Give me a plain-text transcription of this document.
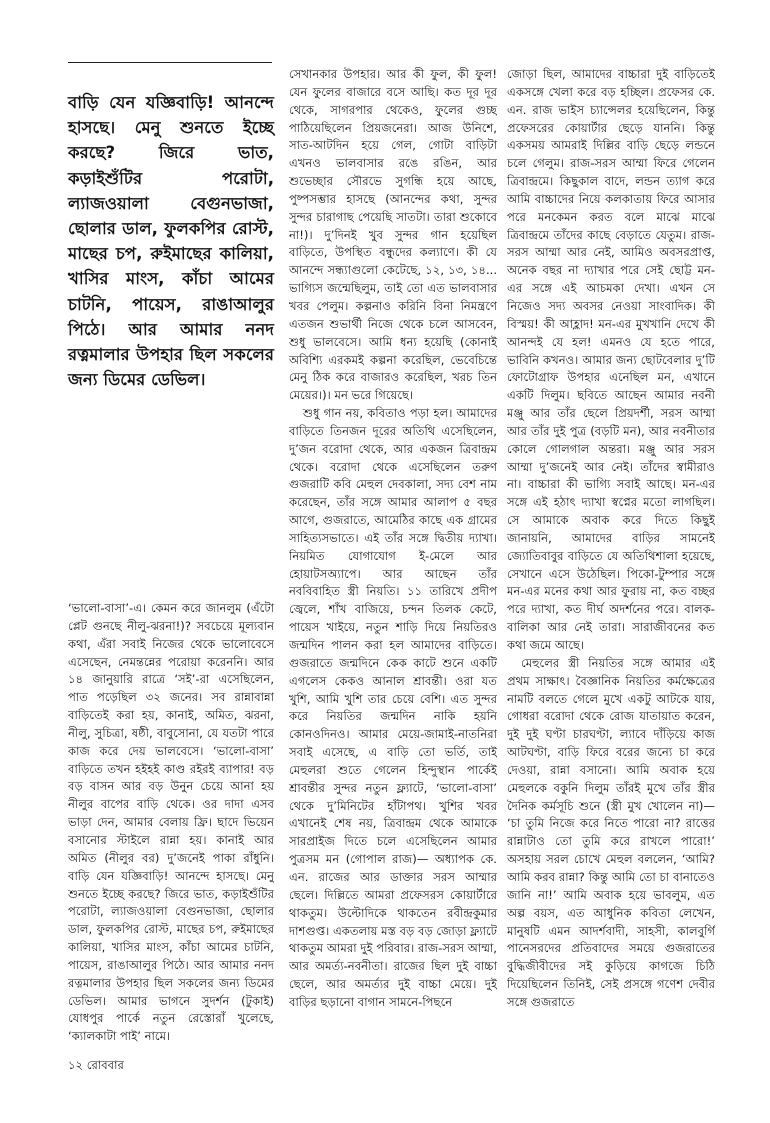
বাড়ি যেন যজ্ঞিবাড়ি! আনন্দে হাসছে। মেনু শুনতে ইচ্ছে করছে? জিরে ভাত, কড়াইশুঁটির পরোটা, ল্যাজওয়ালা বেগুনভাজা, ছোলার ডাল, ফুলকপির রোস্ট, মাছের চপ, রুইমাছের কালিয়া, খাসির মাংস, কাঁচা আমের চাটনি, পায়েস, রাঙাআলুর পিঠে। আর আমার ননদ রত্নমালার উপহার ছিল সকলের জন্য ডিমের ডেভিল।

‘ভালো-বাসা’-এ। কেমন করে জানলুম (এঁটো প্লেট গুনছে নীলু-ঝরনা!)? সবচেয়ে মূল্যবান কথা, এঁরা সবাই নিজের থেকে ভালোবেসে এসেছেন, নেমন্তন্নের পরোয়া করেননি। আর ১৪ জানুয়ারি রাত্রে ‘সই’-রা এসেছিলেন, পাত পড়েছিল ৩২ জনের। সব রান্নাবান্না বাড়িতেই করা হয়, কানাই, অমিত, ঝরনা, নীলু, সুচিত্রা, ষষ্ঠী, বাবুসোনা, যে যতটা পারে কাজ করে দেয় ভালবেসে। ‘ভালো-বাসা’ বাড়িতে তখন হইহই কাণ্ড রইরই ব্যাপার! বড় বড় বাসন আর বড় উনুন চেয়ে আনা হয় নীলুর বাপের বাড়ি থেকে। ওর দাদা এসব ভাড়া দেন, আমার বেলায় ফ্রি। ছাদে ভিয়েন বসানোর স্টাইলে রান্না হয়। কানাই আর অমিত (নীলুর বর) দু’জনেই পাকা রাঁধুনি। বাড়ি যেন যজ্ঞিবাড়ি! আনন্দে হাসছে। মেনু শুনতে ইচ্ছে করছে? জিরে ভাত, কড়াইশুঁটির পরোটা, ল্যাজওয়ালা বেগুনভাজা, ছোলার ডাল, ফুলকপির রোস্ট, মাছের চপ, রুইমাছের কালিয়া, খাসির মাংস, কাঁচা আমের চাটনি, পায়েস, রাঙাআলুর পিঠে। আর আমার ননদ রত্নমালার উপহার ছিল সকলের জন্য ডিমের ডেভিল। আমার ভাগনে সুদর্শন (টুকাই) যোধপুর পার্কে নতুন রেস্তোরাঁ খুলেছে, ‘ক্যালকাটা পাই’ নামে।

সেখানকার উপহার। আর কী ফুল, কী ফুল! যেন ফুলের বাজারে বসে আছি। কত দূর দূর থেকে, সাগরপার থেকেও, ফুলের গুচ্ছ পাঠিয়েছিলেন প্রিয়জনেরা। আজ উনিশে, সাত-আটদিন হয়ে গেল, গোটা বাড়িটা এখনও ভালবাসার রঙে রঙিন, আর শুভেচ্ছার সৌরভে সুগন্ধি হয়ে আছে, পুষ্পসম্ভার হাসছে (আনন্দের কথা, সুন্দর সুন্দর চারাগাছ পেয়েছি সাতটা। তারা শুকোবে না!)। দু’দিনই খুব সুন্দর গান হয়েছিল বাড়িতে, উপস্থিত বন্ধুদের কল্যাণে। কী যে আনন্দে সন্ধ্যাগুলো কেটেছে, ১২, ১৩, ১৪... ভাগ্যিস জন্মেছিলুম, তাই তো এত ভালবাসার খবর পেলুম। কল্পনাও করিনি বিনা নিমন্ত্রণে এতজন শুভার্থী নিজে থেকে চলে আসবেন, শুধু ভালবেসে। আমি ধন্য হয়েছি (কোনাই অবিশ্যি এরকমই কল্পনা করেছিল, ভেবেচিন্তে মেনু ঠিক করে বাজারও করেছিল, খরচ তিন মেয়ের।)। মন ভরে গিয়েছে।

শুধু গান নয়, কবিতাও পড়া হল। আমাদের বাড়িতে তিনজন দূরের অতিথি এসেছিলেন, দু’জন বরোদা থেকে, আর একজন ত্রিবান্দ্রম থেকে। বরোদা থেকে এসেছিলেন তরুণ গুজরাটি কবি মেহুল দেবকালা, সদ্য বেশ নাম করেছেন, তাঁর সঙ্গে আমার আলাপ ৫ বছর আগে, গুজরাতে, আমেঠির কাছে এক গ্রামের সাহিত্যসভাতে। এই তাঁর সঙ্গে দ্বিতীয় দ্যাখা। নিয়মিত যোগাযোগ ই-মেলে আর হোয়াটসঅ্যাপে। আর আছেন তাঁর নববিবাহিত স্ত্রী নিয়তি। ১১ তারিখে প্রদীপ জ্বেলে, শাঁখ বাজিয়ে, চন্দন তিলক কেটে, পায়েস খাইয়ে, নতুন শাড়ি দিয়ে নিয়তিরও জন্মদিন পালন করা হল আমাদের বাড়িতে। গুজরাতে জন্মদিনে কেক কাটে শুনে একটি এগলেস কেকও আনাল শ্রাবন্তী। ওরা যত খুশি, আমি খুশি তার চেয়ে বেশি। এত সুন্দর করে নিয়তির জন্মদিন নাকি হয়নি কোনওদিনও। আমার মেয়ে-জামাই-নাতনিরা সবাই এসেছে, এ বাড়ি তো ভর্তি, তাই মেহুলরা শুতে গেলেন হিন্দুস্থান পার্কেই শ্রাবন্তীর সুন্দর নতুন ফ্ল্যাটে, ‘ভালো-বাসা’ থেকে দু’মিনিটের হাঁটাপথ। খুশির খবর এখানেই শেষ নয়, ত্রিবান্দ্রম থেকে আমাকে সারপ্রাইজ দিতে চলে এসেছিলেন আমার পুত্রসম মন (গোপাল রাজ)— অধ্যাপক কে. এন. রাজের আর ডাক্তার সরস আম্মার ছেলে। দিল্লিতে আমরা প্রফেসরস কোয়ার্টারে থাকতুম। উল্টোদিকে থাকতেন রবীন্দ্রকুমার দাশগুপ্ত। একতলায় মস্ত বড় বড় জোড়া ফ্ল্যাটে থাকতুম আমরা দুই পরিবার। রাজ-সরস আম্মা, আর অমর্ত্য-নবনীতা। রাজের ছিল দুই বাচ্চা ছেলে, আর অমর্ত্যর দুই বাচ্চা মেয়ে। দুই বাড়ির ছড়ানো বাগান সামনে-পিছনে

জোড়া ছিল, আমাদের বাচ্চারা দুই বাড়িতেই একসঙ্গে খেলা করে বড় হচ্ছিল। প্রফেসর কে. এন. রাজ ভাইস চ্যান্সেলর হয়েছিলেন, কিন্তু প্রফেসরের কোয়ার্টার ছেড়ে যাননি। কিন্তু একসময় আমরাই দিল্লির বাড়ি ছেড়ে লন্ডনে চলে গেলুম। রাজ-সরস আম্মা ফিরে গেলেন ত্রিবান্দ্রমে। কিছুকাল বাদে, লন্ডন ত্যাগ করে আমি বাচ্চাদের নিয়ে কলকাতায় ফিরে আসার পরে মনকেমন করত বলে মাঝে মাঝে ত্রিবান্দ্রমে তাঁদের কাছে বেড়াতে যেতুম। রাজ-সরস আম্মা আর নেই, আমিও অবসরপ্রাপ্ত, অনেক বছর না দ্যাখার পরে সেই ছোট্ট মন-এর সঙ্গে এই আচমকা দেখা। এখন সে নিজেও সদ্য অবসর নেওয়া সাংবাদিক। কী বিস্ময়! কী আহ্লাদ! মন-এর মুখখানি দেখে কী আনন্দই যে হল! এমনও যে হতে পারে, ভাবিনি কখনও। আমার জন্য ছোটবেলার দু’টি ফোটোগ্রাফ উপহার এনেছিল মন, এখানে একটি দিলুম। ছবিতে আছেন আমার নবনী মঞ্জু আর তাঁর ছেলে প্রিয়দর্শী, সরস আম্মা আর তাঁর দুই পুত্র (বড়টি মন), আর নবনীতার কোলে গোলগাল অন্তরা। মঞ্জু আর সরস আম্মা দু’জনেই আর নেই। তাঁদের স্বামীরাও না। বাচ্চারা কী ভাগ্যি সবাই আছে। মন-এর সঙ্গে এই হঠাৎ দ্যাখা স্বপ্নের মতো লাগছিল। সে আমাকে অবাক করে দিতে কিছুই জানায়নি, আমাদের বাড়ির সামনেই জ্যোতিবাবুর বাড়িতে যে অতিথিশালা হয়েছে, সেখানে এসে উঠেছিল। পিকো-টুম্পার সঙ্গে মন-এর মনের কথা আর ফুরায় না, কত বচ্ছর পরে দ্যাখা, কত দীর্ঘ অদর্শনের পরে। বালক-বালিকা আর নেই তারা। সারাজীবনের কত কথা জমে আছে।

মেহুলের স্ত্রী নিয়তির সঙ্গে আমার এই প্রথম সাক্ষাৎ। বৈজ্ঞানিক নিয়তির কর্মক্ষেত্রের নামটি বলতে গেলে মুখে একটু আটকে যায়, গোধরা বরোদা থেকে রোজ যাতায়াত করেন, দুই দুই ঘণ্টা চারঘণ্টা, ল্যাবে দাঁড়িয়ে কাজ আটঘণ্টা, বাড়ি ফিরে বরের জন্যে চা করে দেওয়া, রান্না বসানো। আমি অবাক হয়ে মেহুলকে বকুনি দিলুম তাঁরই মুখে তাঁর স্ত্রীর দৈনিক কর্মসূচি শুনে (স্ত্রী মুখ খোলেন না)— ‘চা তুমি নিজে করে নিতে পারো না? রাত্তের রান্নাটাও তো তুমি করে রাখলে পারো!’ অসহায় সরল চোখে মেহুল বললেন, ‘আমি? আমি করব রান্না? কিন্তু আমি তো চা বানাতেও জানি না!’ আমি অবাক হয়ে ভাবলুম, এত অল্প বয়স, এত আধুনিক কবিতা লেখেন, মানুষটি এমন আদর্শবাদী, সাহসী, কালবুর্গি পানেসরদের প্রতিবাদের সময়ে গুজরাতের বুদ্ধিজীবীদের সই কুড়িয়ে কাগজে চিঠি দিয়েছিলেন তিনিই, সেই প্রসঙ্গে গণেশ দেবীর সঙ্গে গুজরাতে

১২ রোববার
